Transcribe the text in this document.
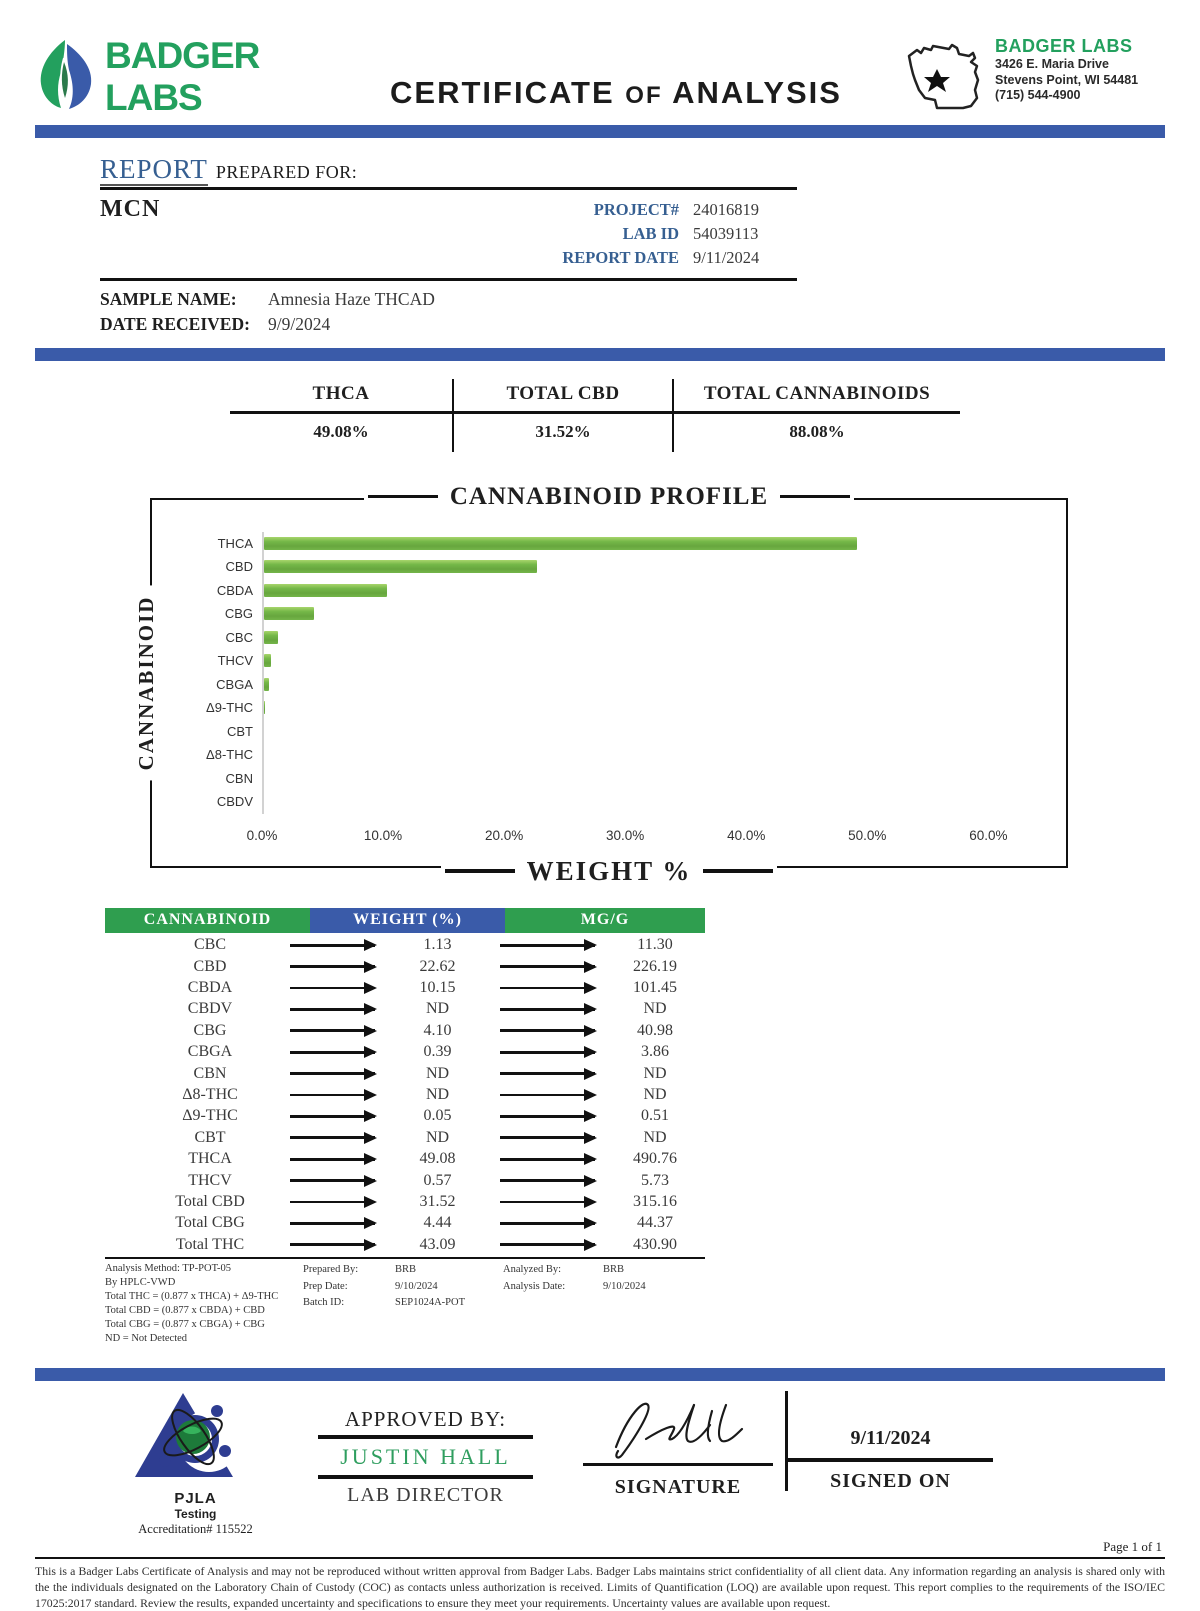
BADGER LABS	CERTIFICATE OF ANALYSIS
BADGER LABS
3426 E. Maria Drive
Stevens Point, WI 54481
(715) 544-4900
REPORT PREPARED FOR:
MCN	PROJECT# 24016819
LAB ID 54039113
REPORT DATE 9/11/2024
SAMPLE NAME:	Amnesia Haze THCAD
DATE RECEIVED:	9/9/2024
THCA	TOTAL CBD	TOTAL CANNABINOIDS
49.08%	31.52%	88.08%
CANNABINOID PROFILE
CANNABINOID
THCA
CBD
CBDA
CBG
CBC
THCV
CBGA
Δ9-THC
CBT
Δ8-THC
CBN
CBDV
0.0%	10.0%	20.0%	30.0%	40.0%	50.0%	60.0%
WEIGHT %
CANNABINOID	WEIGHT (%)	MG/G
CBC	1.13	11.30
CBD	22.62	226.19
CBDA	10.15	101.45
CBDV	ND	ND
CBG	4.10	40.98
CBGA	0.39	3.86
CBN	ND	ND
Δ8-THC	ND	ND
Δ9-THC	0.05	0.51
CBT	ND	ND
THCA	49.08	490.76
THCV	0.57	5.73
Total CBD	31.52	315.16
Total CBG	4.44	44.37
Total THC	43.09	430.90
Analysis Method: TP-POT-05
By HPLC-VWD
Total THC = (0.877 x THCA) + Δ9-THC
Total CBD = (0.877 x CBDA) + CBD
Total CBG = (0.877 x CBGA) + CBG
ND = Not Detected
Prepared By:	BRB
Prep Date:	9/10/2024
Batch ID:	SEP1024A-POT
Analyzed By:	BRB
Analysis Date:	9/10/2024
PJLA
Testing
Accreditation# 115522
APPROVED BY:
JUSTIN HALL
LAB DIRECTOR	SIGNATURE
9/11/2024
SIGNED ON
Page 1 of 1
This is a Badger Labs Certificate of Analysis and may not be reproduced without written approval from Badger Labs. Badger Labs maintains strict confidentiality of all client data. Any information regarding an analysis is shared only with the the individuals designated on the Laboratory Chain of Custody (COC) as contacts unless authorization is received. Limits of Quantification (LOQ) are available upon request. This report complies to the requirements of the ISO/IEC 17025:2017 standard. Review the results, expanded uncertainty and specifications to ensure they meet your requirements. Uncertainty values are available upon request.
